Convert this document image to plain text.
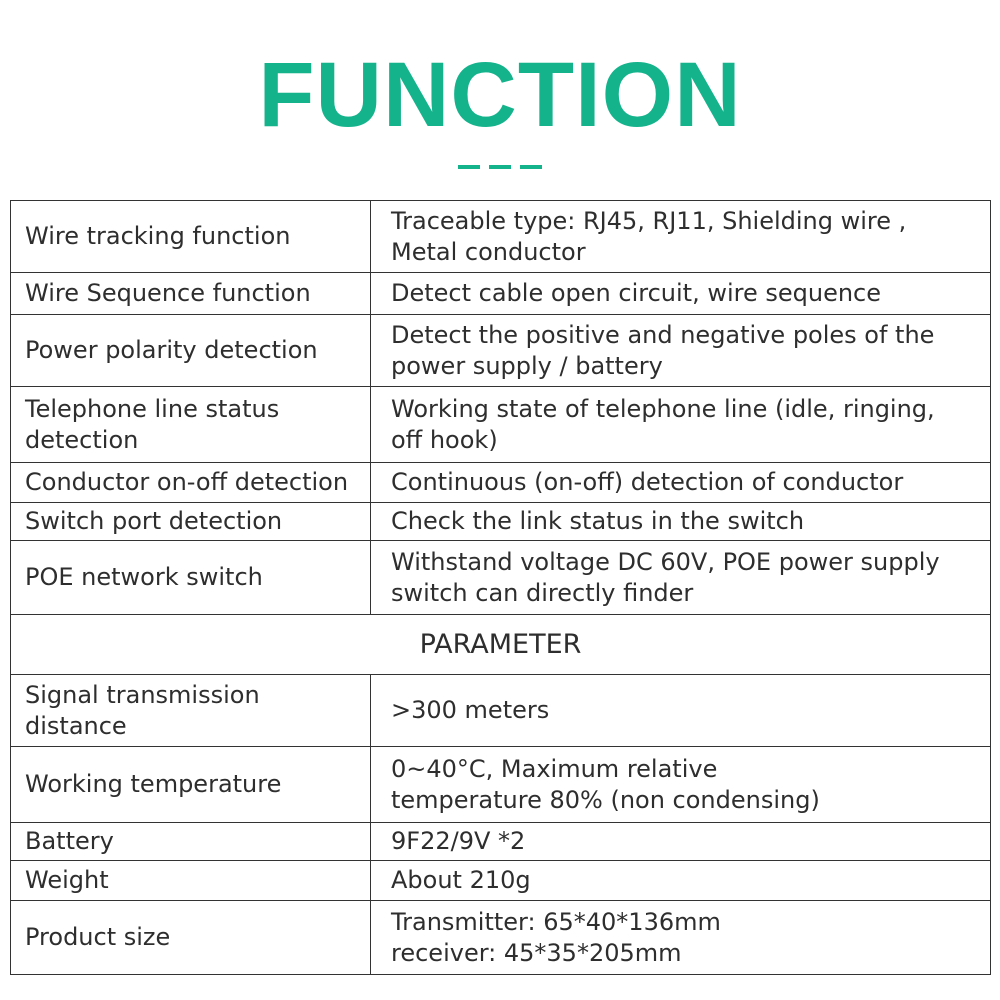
FUNCTION
Wire tracking function	Traceable type: RJ45, RJ11, Shielding wire ,
Metal conductor

Wire Sequence function	Detect cable open circuit, wire sequence

Power polarity detection	Detect the positive and negative poles of the
power supply / battery

Telephone line status
detection	Working state of telephone line (idle, ringing,
off hook)

Conductor on-off detection	Continuous (on-off) detection of conductor

Switch port detection	Check the link status in the switch

POE network switch	Withstand voltage DC 60V, POE power supply
switch can directly finder

PARAMETER	

Signal transmission
distance	>300 meters

Working temperature	0~40°C, Maximum relative
temperature 80% (non condensing)

Battery	9F22/9V *2

Weight	About 210g

Product size	Transmitter: 65*40*136mm
receiver: 45*35*205mm
